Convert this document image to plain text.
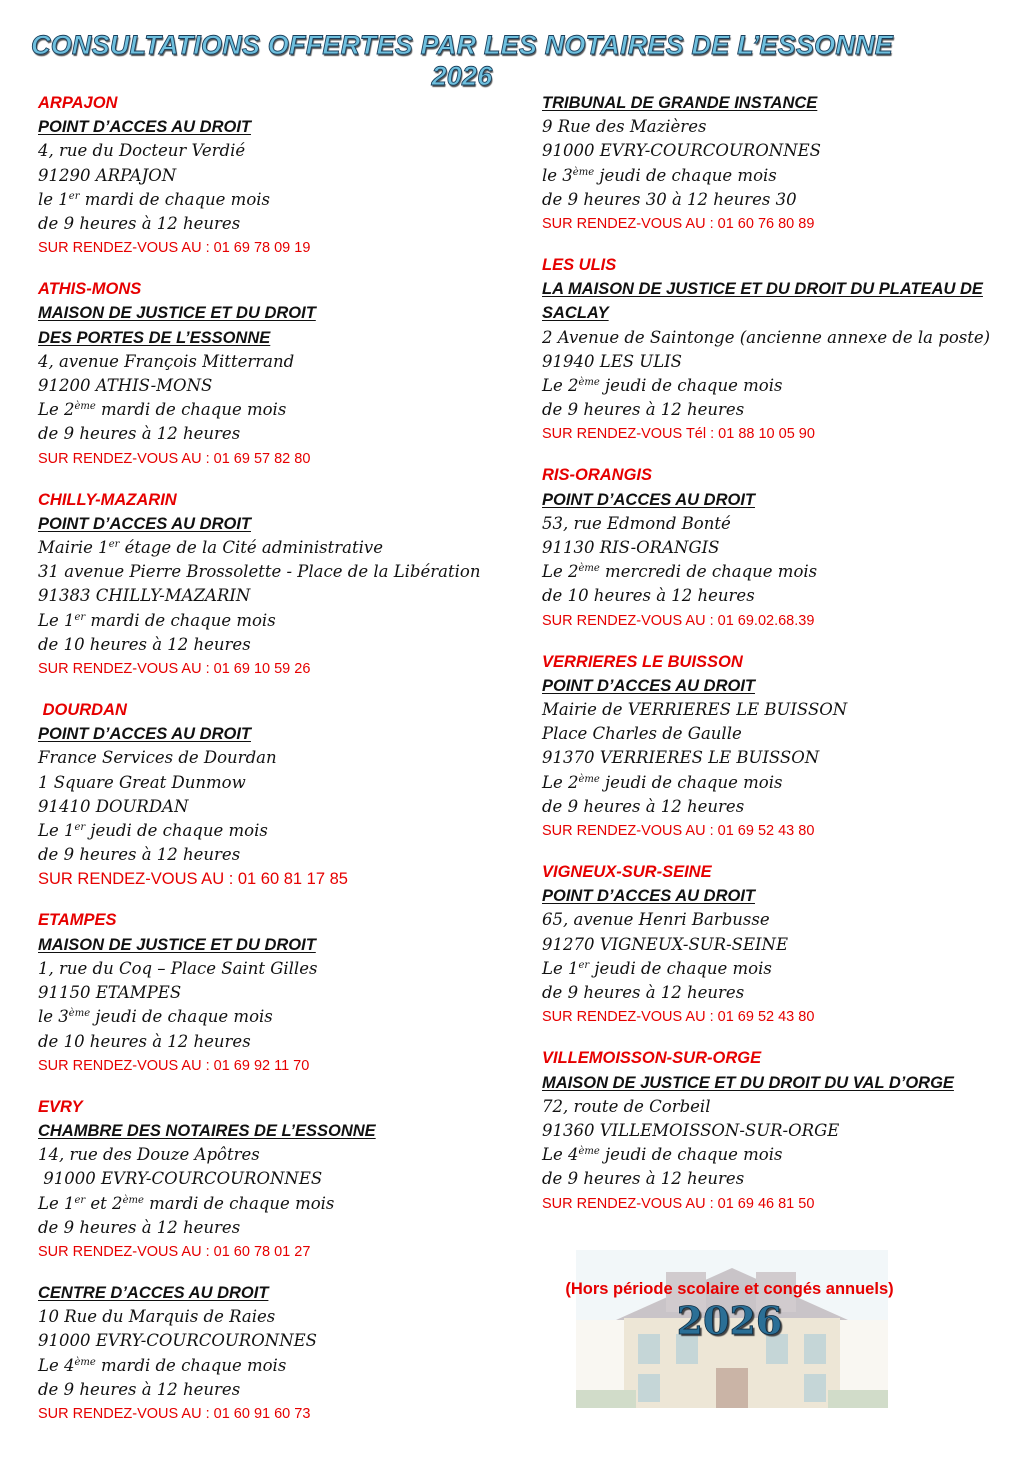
CONSULTATIONS OFFERTES PAR LES NOTAIRES DE L’ESSONNE 2026
ARPAJON
POINT D’ACCES AU DROIT
4, rue du Docteur Verdié
91290 ARPAJON
le 1er mardi de chaque mois
de 9 heures à 12 heures
SUR RENDEZ-VOUS AU : 01 69 78 09 19
ATHIS-MONS
MAISON DE JUSTICE ET DU DROIT
DES PORTES DE L’ESSONNE
4, avenue François Mitterrand
91200 ATHIS-MONS
Le 2ème mardi de chaque mois
de 9 heures à 12 heures
SUR RENDEZ-VOUS AU : 01 69 57 82 80
CHILLY-MAZARIN
POINT D’ACCES AU DROIT
Mairie 1er étage de la Cité administrative
31 avenue Pierre Brossolette - Place de la Libération
91383 CHILLY-MAZARIN
Le 1er mardi de chaque mois
de 10 heures à 12 heures
SUR RENDEZ-VOUS AU : 01 69 10 59 26
DOURDAN
POINT D’ACCES AU DROIT
France Services de Dourdan
1 Square Great Dunmow
91410 DOURDAN
Le 1er jeudi de chaque mois
de 9 heures à 12 heures
SUR RENDEZ-VOUS AU : 01 60 81 17 85
ETAMPES
MAISON DE JUSTICE ET DU DROIT
1, rue du Coq – Place Saint Gilles
91150 ETAMPES
le 3ème jeudi de chaque mois
de 10 heures à 12 heures
SUR RENDEZ-VOUS AU : 01 69 92 11 70
EVRY
CHAMBRE DES NOTAIRES DE L’ESSONNE
14, rue des Douze Apôtres
91000 EVRY-COURCOURONNES
Le 1er et 2ème mardi de chaque mois
de 9 heures à 12 heures
SUR RENDEZ-VOUS AU : 01 60 78 01 27
CENTRE D’ACCES AU DROIT
10 Rue du Marquis de Raies
91000 EVRY-COURCOURONNES
Le 4ème mardi de chaque mois
de 9 heures à 12 heures
SUR RENDEZ-VOUS AU : 01 60 91 60 73
TRIBUNAL DE GRANDE INSTANCE
9 Rue des Mazières
91000 EVRY-COURCOURONNES
le 3ème jeudi de chaque mois
de 9 heures 30 à 12 heures 30
SUR RENDEZ-VOUS AU : 01 60 76 80 89
LES ULIS
LA MAISON DE JUSTICE ET DU DROIT DU PLATEAU DE
SACLAY
2 Avenue de Saintonge (ancienne annexe de la poste)
91940 LES ULIS
Le 2ème jeudi de chaque mois
de 9 heures à 12 heures
SUR RENDEZ-VOUS Tél : 01 88 10 05 90
RIS-ORANGIS
POINT D’ACCES AU DROIT
53, rue Edmond Bonté
91130 RIS-ORANGIS
Le 2ème mercredi de chaque mois
de 10 heures à 12 heures
SUR RENDEZ-VOUS AU : 01 69.02.68.39
VERRIERES LE BUISSON
POINT D’ACCES AU DROIT
Mairie de VERRIERES LE BUISSON
Place Charles de Gaulle
91370 VERRIERES LE BUISSON
Le 2ème jeudi de chaque mois
de 9 heures à 12 heures
SUR RENDEZ-VOUS AU : 01 69 52 43 80
VIGNEUX-SUR-SEINE
POINT D’ACCES AU DROIT
65, avenue Henri Barbusse
91270 VIGNEUX-SUR-SEINE
Le 1er jeudi de chaque mois
de 9 heures à 12 heures
SUR RENDEZ-VOUS AU : 01 69 52 43 80
VILLEMOISSON-SUR-ORGE
MAISON DE JUSTICE ET DU DROIT DU VAL D’ORGE
72, route de Corbeil
91360 VILLEMOISSON-SUR-ORGE
Le 4ème jeudi de chaque mois
de 9 heures à 12 heures
SUR RENDEZ-VOUS AU : 01 69 46 81 50
(Hors période scolaire et congés annuels)
2026
